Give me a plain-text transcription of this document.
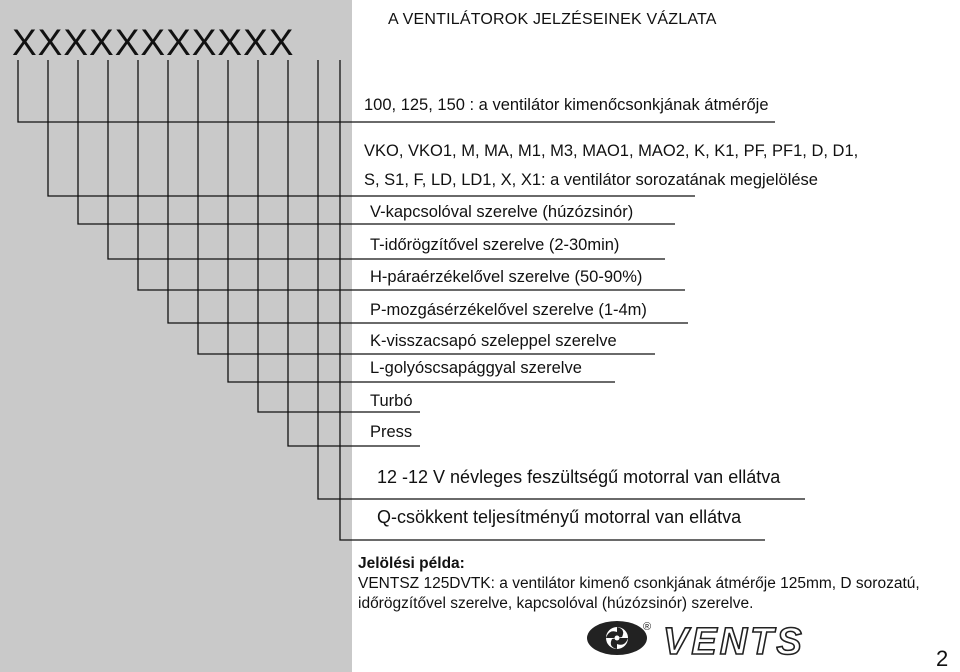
A VENTILÁTOROK JELZÉSEINEK VÁZLATA
XXXXXXXXXXX
100, 125, 150 : a ventilátor kimenőcsonkjának átmérője
VKO, VKO1, M, MA, M1, M3, MAO1, MAO2, K, K1, PF, PF1, D, D1,
S, S1, F, LD, LD1, X, X1: a ventilátor sorozatának megjelölése
V-kapcsolóval szerelve (húzózsinór)
T-időrögzítővel szerelve (2-30min)
H-páraérzékelővel szerelve (50-90%)
P-mozgásérzékelővel szerelve (1-4m)
K-visszacsapó szeleppel szerelve
L-golyóscsapággyal szerelve
Turbó
Press
12 -12 V névleges feszültségű motorral van ellátva
Q-csökkent teljesítményű motorral van ellátva
Jelölési példa:
VENTSZ 125DVTK: a ventilátor kimenő csonkjának átmérője 125mm, D sorozatú,
időrögzítővel szerelve, kapcsolóval (húzózsinór) szerelve.
® VENTS	2
